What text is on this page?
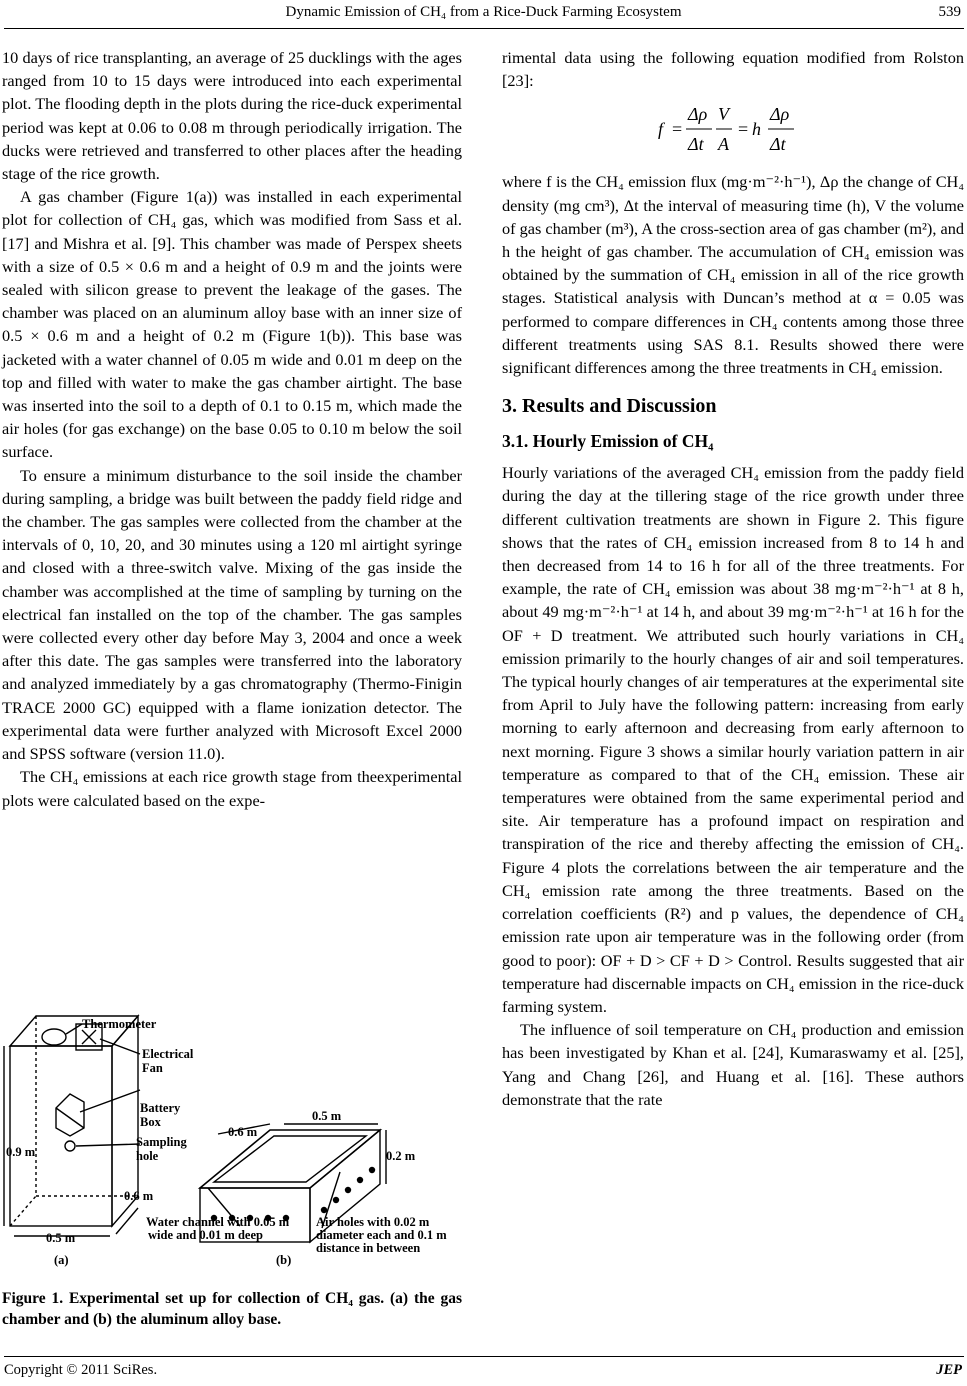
Dynamic Emission of CH₄ from a Rice-Duck Farming Ecosystem	539

10 days of rice transplanting, an average of 25 ducklings with the ages ranged from 10 to 15 days were introduced into each experimental plot. The flooding depth in the plots during the rice-duck experimental period was kept at 0.06 to 0.08 m through periodically irrigation. The ducks were retrieved and transferred to other places after the heading stage of the rice growth.

A gas chamber (Figure 1(a)) was installed in each experimental plot for collection of CH₄ gas, which was modified from Sass et al. [17] and Mishra et al. [9]. This chamber was made of Perspex sheets with a size of 0.5 × 0.6 m and a height of 0.9 m and the joints were sealed with silicon grease to prevent the leakage of the gases. The chamber was placed on an aluminum alloy base with an inner size of 0.5 × 0.6 m and a height of 0.2 m (Figure 1(b)). This base was jacketed with a water channel of 0.05 m wide and 0.01 m deep on the top and filled with water to make the gas chamber airtight. The base was inserted into the soil to a depth of 0.1 to 0.15 m, which made the air holes (for gas exchange) on the base 0.05 to 0.10 m below the soil surface.

To ensure a minimum disturbance to the soil inside the chamber during sampling, a bridge was built between the paddy field ridge and the chamber. The gas samples were collected from the chamber at the intervals of 0, 10, 20, and 30 minutes using a 120 ml airtight syringe and closed with a three-switch valve. Mixing of the gas inside the chamber was accomplished at the time of sampling by turning on the electrical fan installed on the top of the chamber. The gas samples were collected every other day before May 3, 2004 and once a week after this date. The gas samples were transferred into the laboratory and analyzed immediately by a gas chromatography (Thermo-Finigin TRACE 2000 GC) equipped with a flame ionization detector. The experimental data were further analyzed with Microsoft Excel 2000 and SPSS software (version 11.0).

The CH₄ emissions at each rice growth stage from theexperimental plots were calculated based on the expe-

Thermometer
Electrical
Fan
Battery
Box
Sampling
hole
0.9 m
0.6 m
0.5 m
0.6 m
0.5 m
0.2 m
Water channel with 0.05 m
wide and 0.01 m deep
Air holes with 0.02 m
diameter each and 0.1 m
distance in between
(a)	(b)
Figure 1. Experimental set up for collection of CH₄ gas. (a) the gas chamber and (b) the aluminum alloy base.

rimental data using the following equation modified from Rolston [23]:

f =
Δρ
Δt
V
A
= h
Δρ
Δt

where f is the CH₄ emission flux (mg·m⁻²·h⁻¹), Δρ the change of CH₄ density (mg cm³), Δt the interval of measuring time (h), V the volume of gas chamber (m³), A the cross-section area of gas chamber (m²), and h the height of gas chamber. The accumulation of CH₄ emission was obtained by the summation of CH₄ emission in all of the rice growth stages. Statistical analysis with Duncan’s method at α = 0.05 was performed to compare differences in CH₄ contents among those three different treatments using SAS 8.1. Results showed there were significant differences among the three treatments in CH₄ emission.

3. Results and Discussion
3.1. Hourly Emission of CH₄

Hourly variations of the averaged CH₄ emission from the paddy field during the day at the tillering stage of the rice growth under three different cultivation treatments are shown in Figure 2. This figure shows that the rates of CH₄ emission increased from 8 to 14 h and then decreased from 14 to 16 h for all of the three treatments. For example, the rate of CH₄ emission was about 38 mg·m⁻²·h⁻¹ at 8 h, about 49 mg·m⁻²·h⁻¹ at 14 h, and about 39 mg·m⁻²·h⁻¹ at 16 h for the OF + D treatment. We attributed such hourly variations in CH₄ emission primarily to the hourly changes of air and soil temperatures. The typical hourly changes of air temperatures at the experimental site from April to July have the following pattern: increasing from early morning to early afternoon and decreasing from early afternoon to next morning. Figure 3 shows a similar hourly variation pattern in air temperature as compared to that of the CH₄ emission. These air temperatures were obtained from the same experimental period and site. Air temperature has a profound impact on respiration and transpiration of the rice and thereby affecting the emission of CH₄. Figure 4 plots the correlations between the air temperature and the CH₄ emission rate among the three treatments. Based on the correlation coefficients (R²) and p values, the dependence of CH₄ emission rate upon air temperature was in the following order (from good to poor): OF + D > CF + D > Control. Results suggested that air temperature had discernable impacts on CH₄ emission in the rice-duck farming system.

The influence of soil temperature on CH₄ production and emission has been investigated by Khan et al. [24], Kumaraswamy et al. [25], Yang and Chang [26], and Huang et al. [16]. These authors demonstrate that the rate

Copyright © 2011 SciRes.	JEP
